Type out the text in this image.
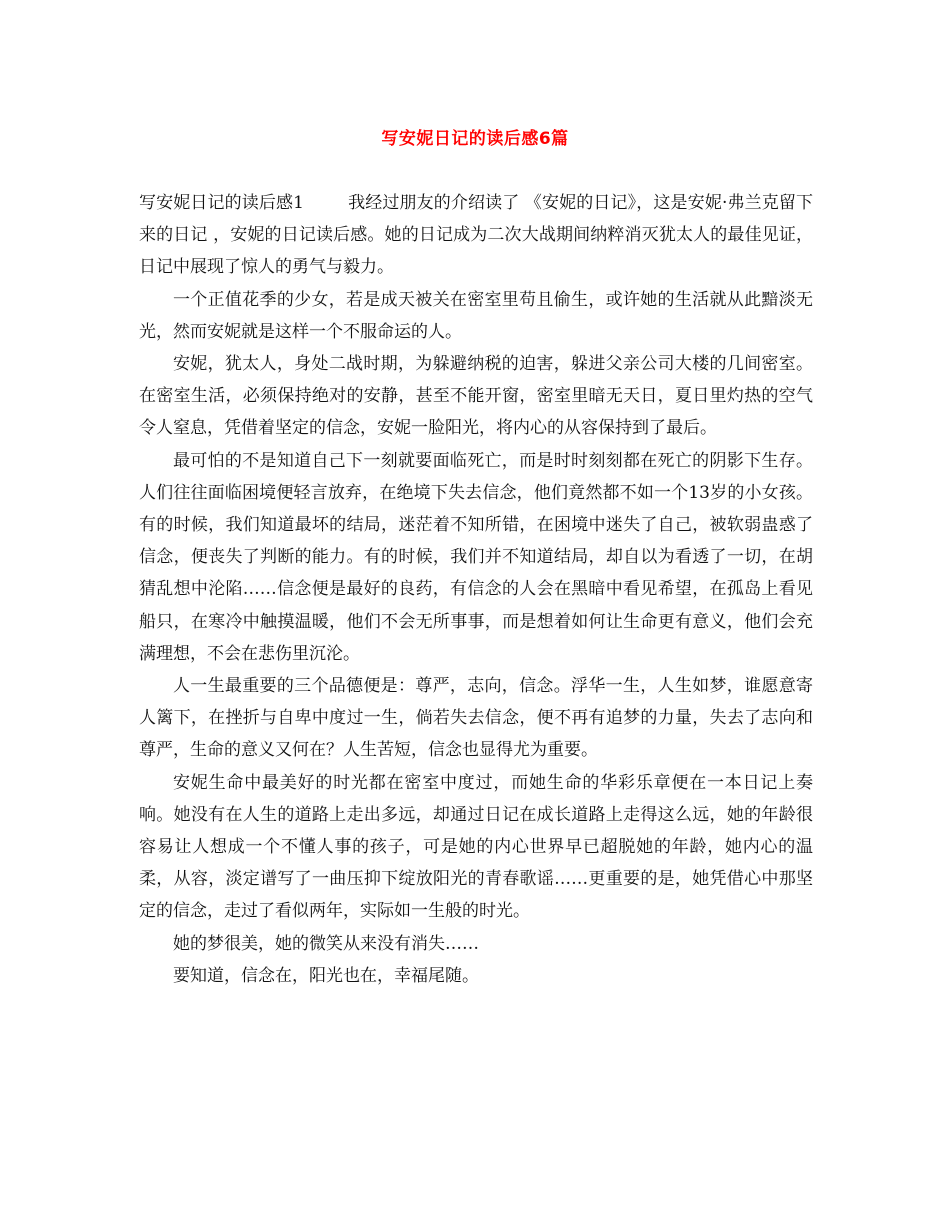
写安妮日记的读后感6篇

写安妮日记的读后感1	我经过朋友的介绍读了 《安妮的日记》，这是安妮·弗兰克留下来的日记 ，安妮的日记读后感。她的日记成为二次大战期间纳粹消灭犹太人的最佳见证，日记中展现了惊人的勇气与毅力。

一个正值花季的少女，若是成天被关在密室里苟且偷生，或许她的生活就从此黯淡无光，然而安妮就是这样一个不服命运的人。

安妮，犹太人，身处二战时期，为躲避纳税的迫害，躲进父亲公司大楼的几间密室。在密室生活，必须保持绝对的安静，甚至不能开窗，密室里暗无天日，夏日里灼热的空气令人窒息，凭借着坚定的信念，安妮一脸阳光，将内心的从容保持到了最后。

最可怕的不是知道自己下一刻就要面临死亡，而是时时刻刻都在死亡的阴影下生存。人们往往面临困境便轻言放弃，在绝境下失去信念，他们竟然都不如一个13岁的小女孩。有的时候，我们知道最坏的结局，迷茫着不知所错，在困境中迷失了自己，被软弱蛊惑了信念，便丧失了判断的能力。有的时候，我们并不知道结局，却自以为看透了一切，在胡猜乱想中沦陷……信念便是最好的良药，有信念的人会在黑暗中看见希望，在孤岛上看见船只，在寒冷中触摸温暖，他们不会无所事事，而是想着如何让生命更有意义，他们会充满理想，不会在悲伤里沉沦。

人一生最重要的三个品德便是：尊严，志向，信念。浮华一生，人生如梦，谁愿意寄人篱下，在挫折与自卑中度过一生，倘若失去信念，便不再有追梦的力量，失去了志向和尊严，生命的意义又何在？人生苦短，信念也显得尤为重要。

安妮生命中最美好的时光都在密室中度过，而她生命的华彩乐章便在一本日记上奏响。她没有在人生的道路上走出多远，却通过日记在成长道路上走得这么远，她的年龄很容易让人想成一个不懂人事的孩子，可是她的内心世界早已超脱她的年龄，她内心的温柔，从容，淡定谱写了一曲压抑下绽放阳光的青春歌谣……更重要的是，她凭借心中那坚定的信念，走过了看似两年，实际如一生般的时光。

她的梦很美，她的微笑从来没有消失……

要知道，信念在，阳光也在，幸福尾随。
